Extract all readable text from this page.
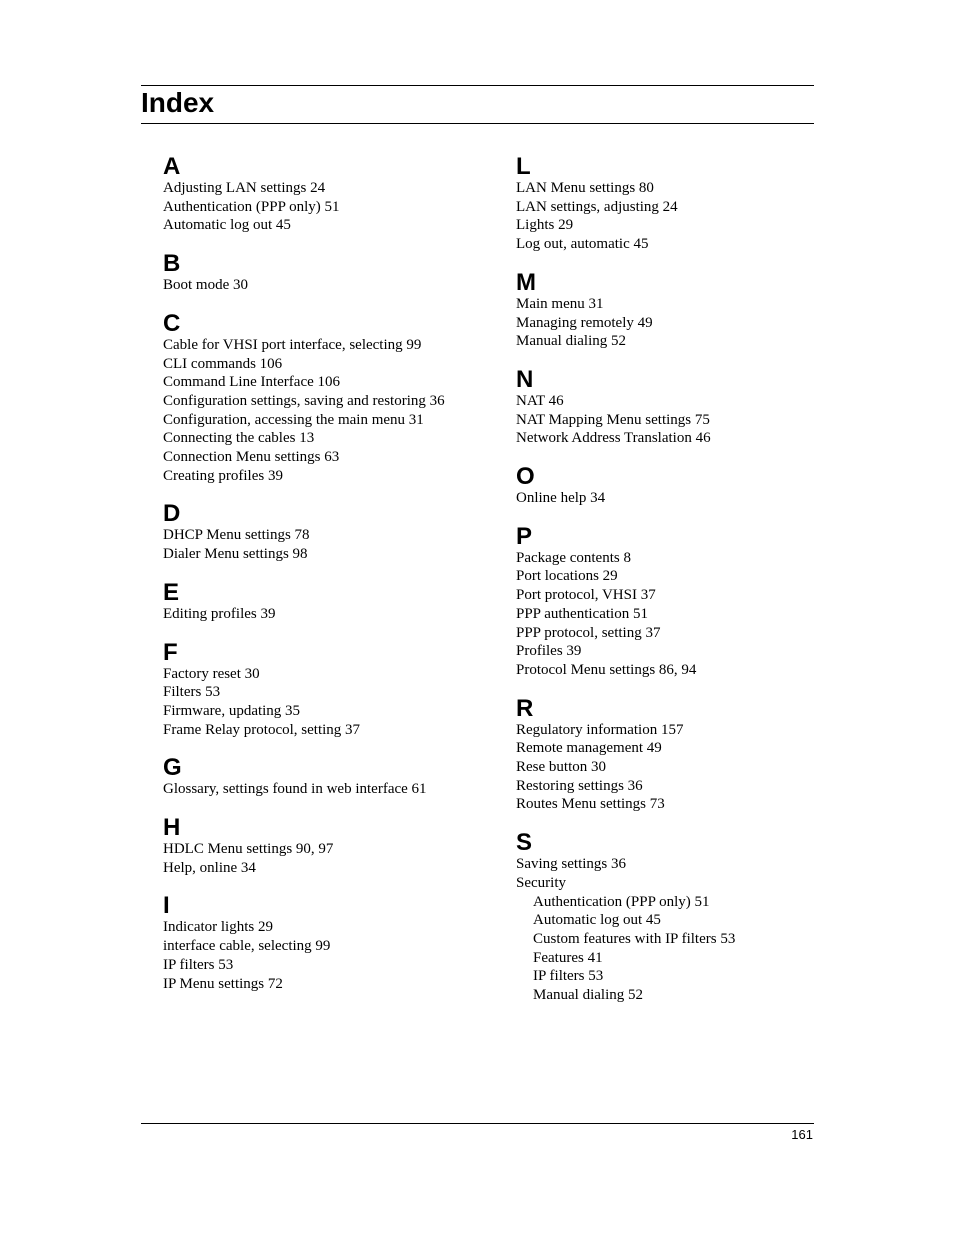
Index
A
Adjusting LAN settings 24
Authentication (PPP only) 51
Automatic log out 45
B
Boot mode 30
C
Cable for VHSI port interface, selecting 99
CLI commands 106
Command Line Interface 106
Configuration settings, saving and restoring 36
Configuration, accessing the main menu 31
Connecting the cables 13
Connection Menu settings 63
Creating profiles 39
D
DHCP Menu settings 78
Dialer Menu settings 98
E
Editing profiles 39
F
Factory reset 30
Filters 53
Firmware, updating 35
Frame Relay protocol, setting 37
G
Glossary, settings found in web interface 61
H
HDLC Menu settings 90, 97
Help, online 34
I
Indicator lights 29
interface cable, selecting 99
IP filters 53
IP Menu settings 72
L
LAN Menu settings 80
LAN settings, adjusting 24
Lights 29
Log out, automatic 45
M
Main menu 31
Managing remotely 49
Manual dialing 52
N
NAT 46
NAT Mapping Menu settings 75
Network Address Translation 46
O
Online help 34
P
Package contents 8
Port locations 29
Port protocol, VHSI 37
PPP authentication 51
PPP protocol, setting 37
Profiles 39
Protocol Menu settings 86, 94
R
Regulatory information 157
Remote management 49
Rese button 30
Restoring settings 36
Routes Menu settings 73
S
Saving settings 36
Security
Authentication (PPP only) 51
Automatic log out 45
Custom features with IP filters 53
Features 41
IP filters 53
Manual dialing 52
161
